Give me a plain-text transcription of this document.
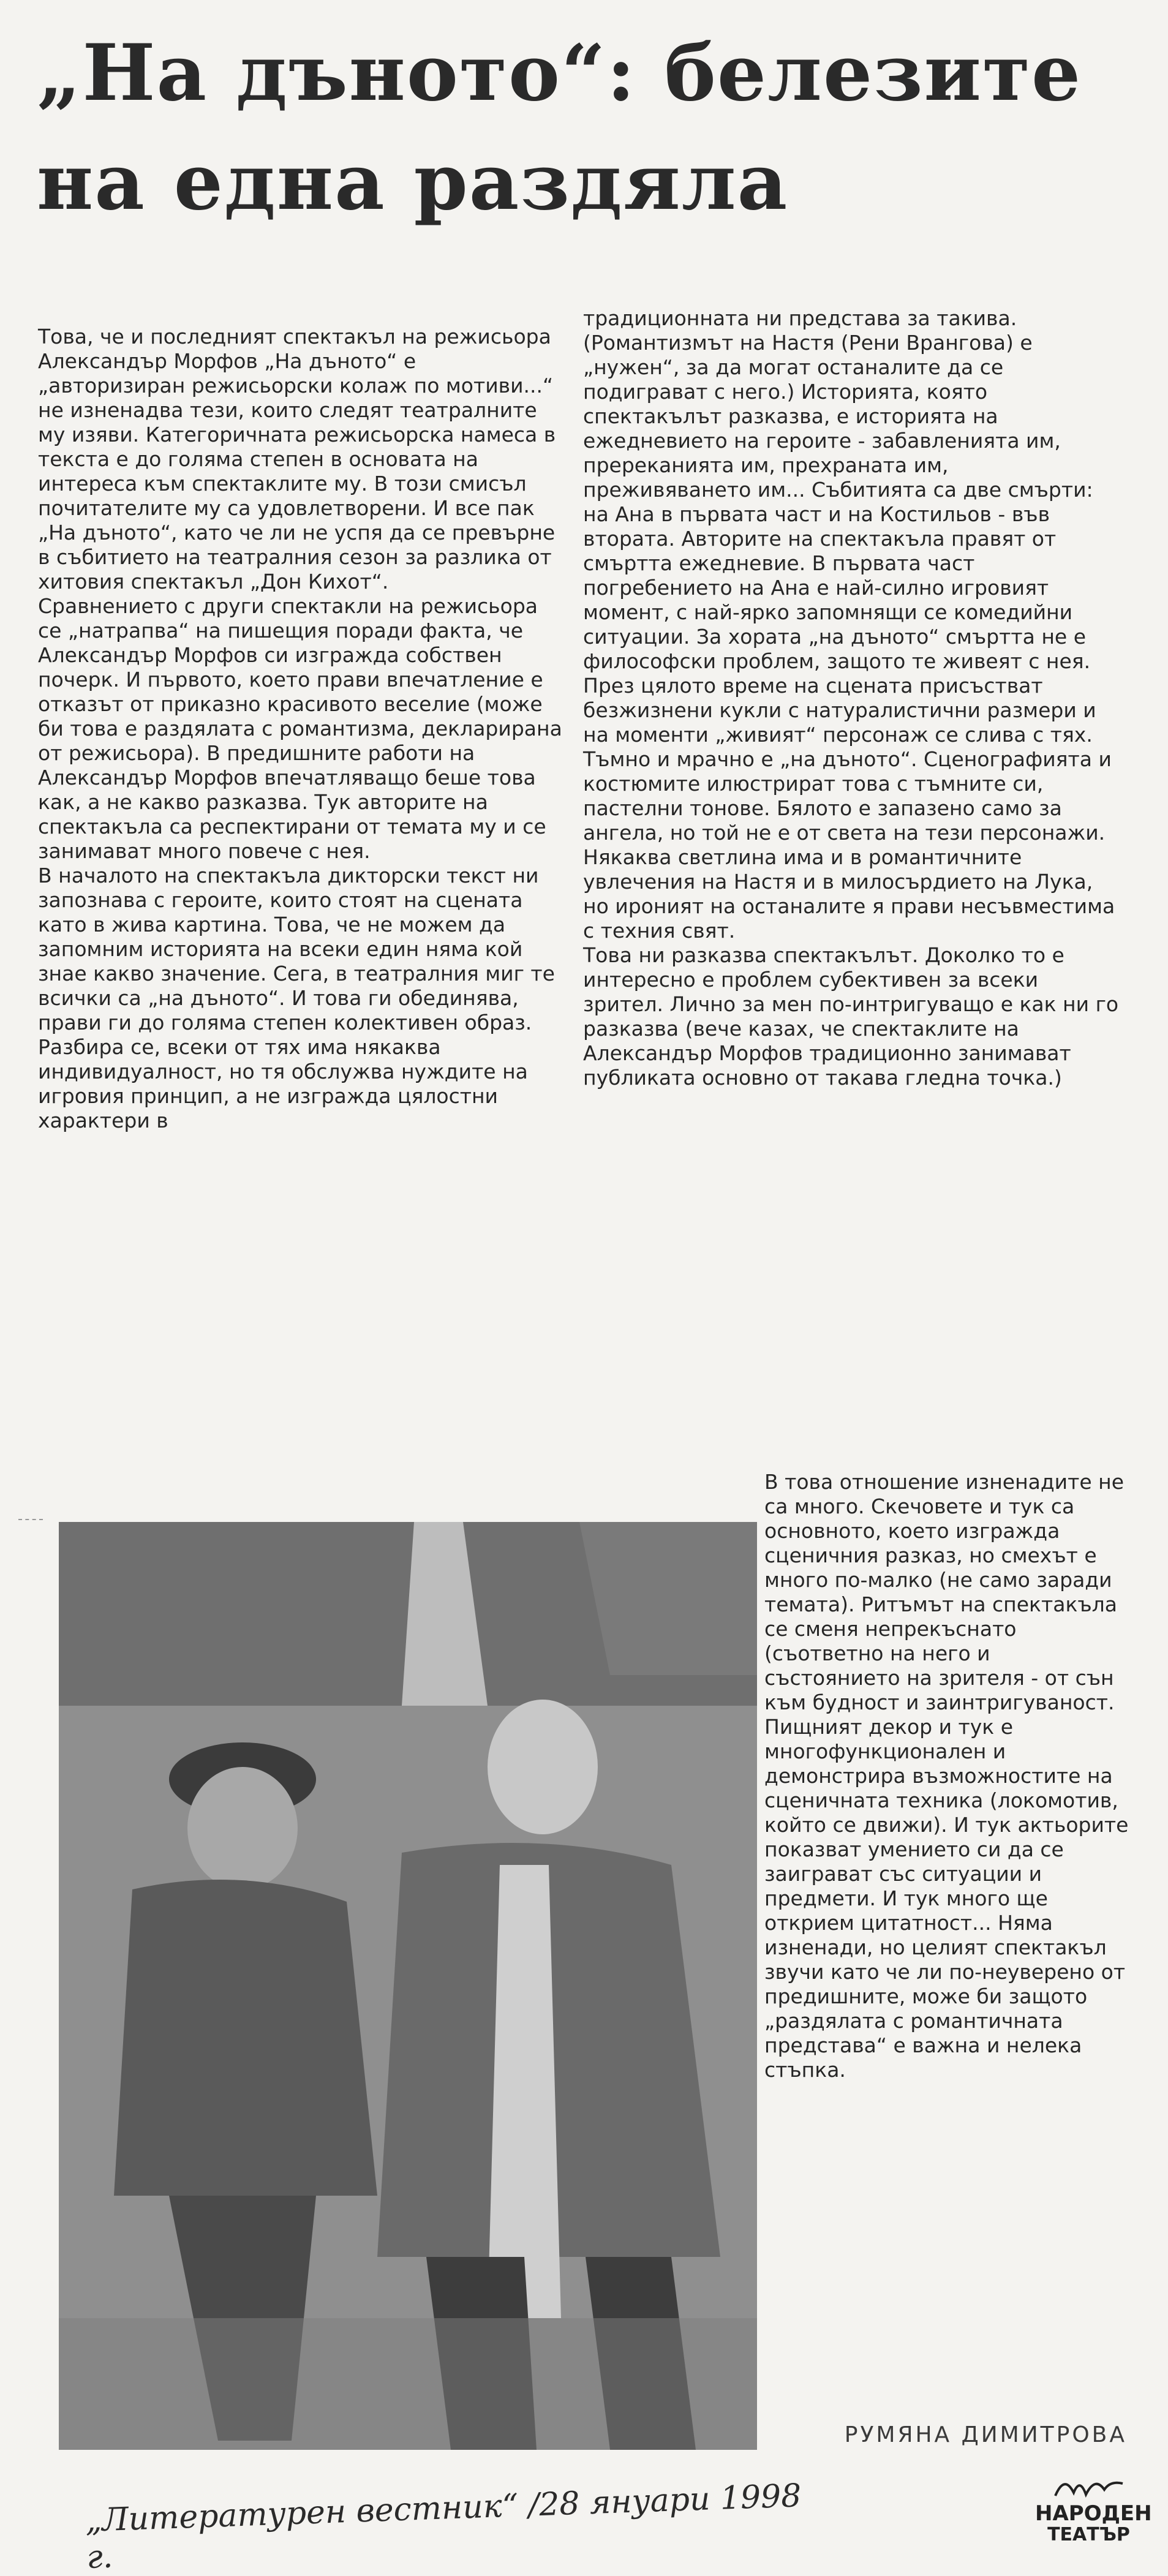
„На дъното“: белезите на една раздяла

Това, че и последният спектакъл на режисьора Александър Морфов „На дъното“ е „авторизиран режисьорски колаж по мотиви...“ не изненадва тези, които следят театралните му изяви. Категоричната режисьорска намеса в текста е до голяма степен в основата на интереса към спектаклите му. В този смисъл почитателите му са удовлетворени. И все пак „На дъното“, като че ли не успя да се превърне в събитието на театралния сезон за разлика от хитовия спектакъл „Дон Кихот“.

Сравнението с други спектакли на режисьора се „натрапва“ на пишещия поради факта, че Александър Морфов си изгражда собствен почерк. И първото, което прави впечатление е отказът от приказно красивото веселие (може би това е раздялата с романтизма, декларирана от режисьора). В предишните работи на Александър Морфов впечатляващо беше това как, а не какво разказва. Тук авторите на спектакъла са респектирани от темата му и се занимават много повече с нея.

В началото на спектакъла дикторски текст ни запознава с героите, които стоят на сцената като в жива картина. Това, че не можем да запомним историята на всеки един няма кой знае какво значение. Сега, в театралния миг те всички са „на дъното“. И това ги обединява, прави ги до голяма степен колективен образ. Разбира се, всеки от тях има някаква индивидуалност, но тя обслужва нуждите на игровия принцип, а не изгражда цялостни характери в

традиционната ни представа за такива. (Романтизмът на Настя (Рени Врангова) е „нужен“, за да могат останалите да се подиграват с него.) Историята, която спектакълът разказва, е историята на ежедневието на героите - забавленията им, пререканията им, прехраната им, преживяването им... Събитията са две смърти: на Ана в първата част и на Костильов - във втората. Авторите на спектакъла правят от смъртта ежедневие. В първата част погребението на Ана е най-силно игровият момент, с най-ярко запомнящи се комедийни ситуации. За хората „на дъното“ смъртта не е философски проблем, защото те живеят с нея. През цялото време на сцената присъстват безжизнени кукли с натуралистични размери и на моменти „живият“ персонаж се слива с тях.

Тъмно и мрачно е „на дъното“. Сценографията и костюмите илюстрират това с тъмните си, пастелни тонове. Бялото е запазено само за ангела, но той не е от света на тези персонажи. Някаква светлина има и в романтичните увлечения на Настя и в милосърдието на Лука, но ироният на останалите я прави несъвместима с техния свят.

Това ни разказва спектакълът. Доколко то е интересно е проблем субективен за всеки зрител. Лично за мен по-интригуващо е как ни го разказва (вече казах, че спектаклите на Александър Морфов традиционно занимават публиката основно от такава гледна точка.)

В това отношение изненадите не са много. Скечовете и тук са основното, което изгражда сценичния разказ, но смехът е много по-малко (не само заради темата). Ритъмът на спектакъла се сменя непрекъснато (съответно на него и състоянието на зрителя - от сън към будност и заинтригуваност. Пищният декор и тук е многофункционален и демонстрира възможностите на сценичната техника (локомотив, който се движи). И тук актьорите показват умението си да се заиграват със ситуации и предмети. И тук много ще открием цитатност... Няма изненади, но целият спектакъл звучи като че ли по-неуверено от предишните, може би защото „раздялата с романтичната представа“ е важна и нелека стъпка.

РУМЯНА ДИМИТРОВА

„Литературен вестник“ /28 януари 1998 г.

НАРОДЕН
ТЕАТЪР
